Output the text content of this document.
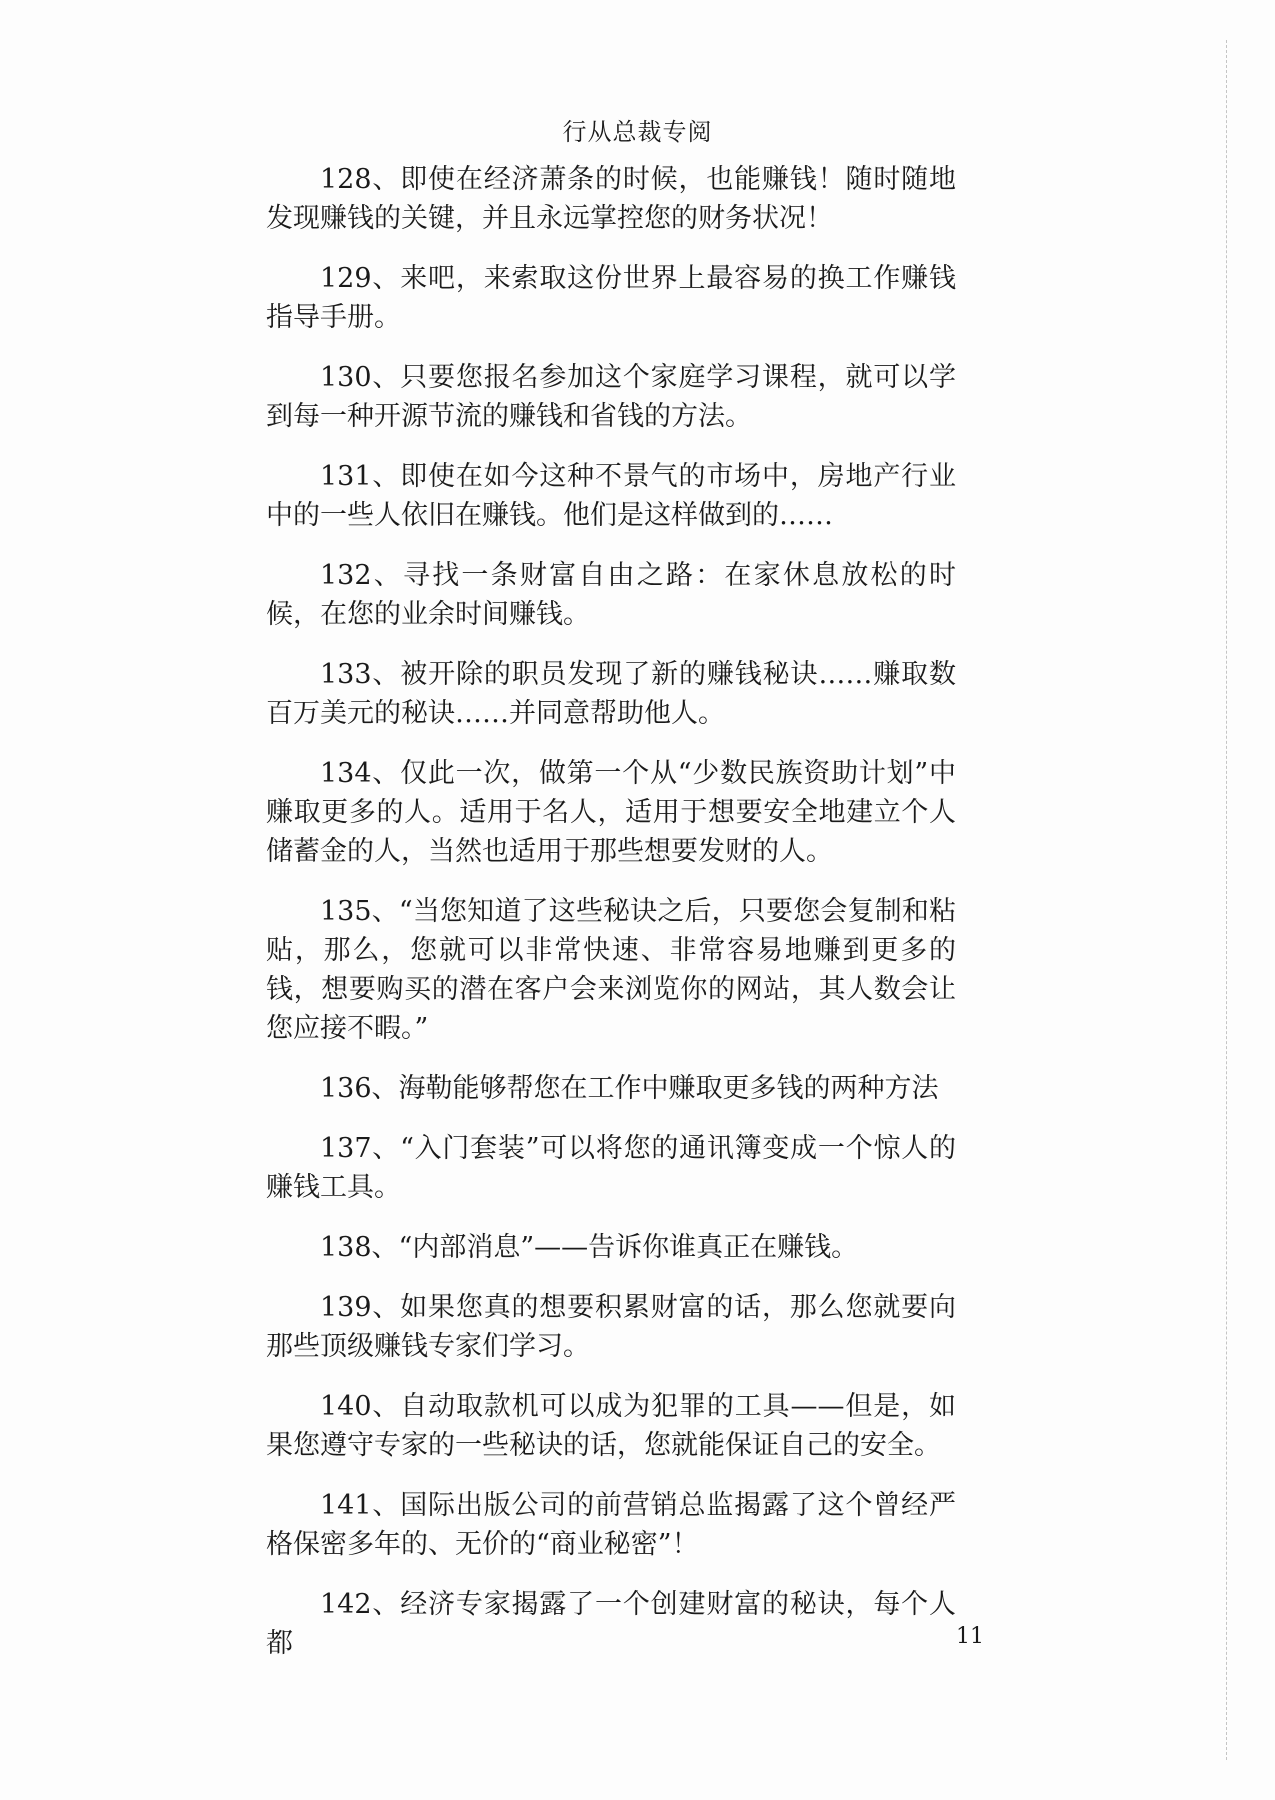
行从总裁专阅

128、即使在经济萧条的时候，也能赚钱！随时随地发现赚钱的关键，并且永远掌控您的财务状况！

129、来吧，来索取这份世界上最容易的换工作赚钱指导手册。

130、只要您报名参加这个家庭学习课程，就可以学到每一种开源节流的赚钱和省钱的方法。

131、即使在如今这种不景气的市场中，房地产行业中的一些人依旧在赚钱。他们是这样做到的……

132、寻找一条财富自由之路：在家休息放松的时候，在您的业余时间赚钱。

133、被开除的职员发现了新的赚钱秘诀……赚取数百万美元的秘诀……并同意帮助他人。

134、仅此一次，做第一个从“少数民族资助计划”中赚取更多的人。适用于名人，适用于想要安全地建立个人储蓄金的人，当然也适用于那些想要发财的人。

135、“当您知道了这些秘诀之后，只要您会复制和粘贴，那么，您就可以非常快速、非常容易地赚到更多的钱，想要购买的潜在客户会来浏览你的网站，其人数会让您应接不暇。”

136、海勒能够帮您在工作中赚取更多钱的两种方法

137、“入门套装”可以将您的通讯簿变成一个惊人的赚钱工具。

138、“内部消息”——告诉你谁真正在赚钱。

139、如果您真的想要积累财富的话，那么您就要向那些顶级赚钱专家们学习。

140、自动取款机可以成为犯罪的工具——但是，如果您遵守专家的一些秘诀的话，您就能保证自己的安全。

141、国际出版公司的前营销总监揭露了这个曾经严格保密多年的、无价的“商业秘密”！

142、经济专家揭露了一个创建财富的秘诀，每个人都	11
